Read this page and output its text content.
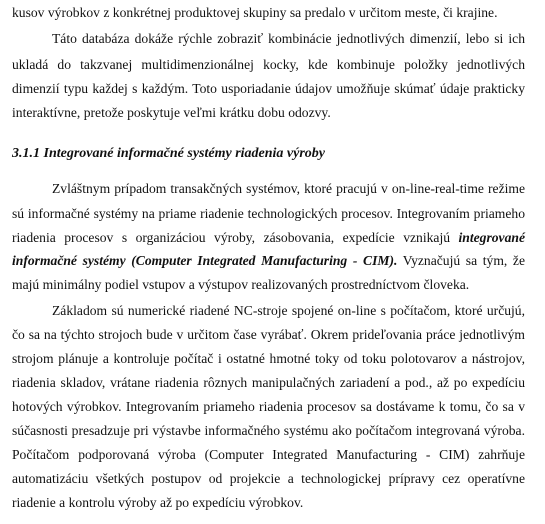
kusov výrobkov z konkrétnej produktovej skupiny sa predalo v určitom meste, či krajine.
Táto databáza dokáže rýchle zobraziť kombinácie jednotlivých dimenzií, lebo si ich
ukladá do takzvanej multidimenzionálnej kocky, kde kombinuje položky jednotlivých
dimenzií typu každej s každým. Toto usporiadanie údajov umožňuje skúmať údaje prakticky
interaktívne, pretože poskytuje veľmi krátku dobu odozvy.
3.1.1 Integrované informačné systémy riadenia výroby
Zvláštnym prípadom transakčných systémov, ktoré pracujú v on-line-real-time režime
sú informačné systémy na priame riadenie technologických procesov. Integrovaním priameho
riadenia procesov s organizáciou výroby, zásobovania, expedície vznikajú integrované
informačné systémy (Computer Integrated Manufacturing - CIM). Vyznačujú sa tým, že
majú minimálny podiel vstupov a výstupov realizovaných prostredníctvom človeka.
Základom sú numerické riadené NC-stroje spojené on-line s počítačom, ktoré určujú,
čo sa na týchto strojoch bude v určitom čase vyrábať. Okrem prideľovania práce jednotlivým
strojom plánuje a kontroluje počítač i ostatné hmotné toky od toku polotovarov a nástrojov,
riadenia skladov, vrátane riadenia rôznych manipulačných zariadení a pod., až po expedíciu
hotových výrobkov. Integrovaním priameho riadenia procesov sa dostávame k tomu, čo sa v
súčasnosti presadzuje pri výstavbe informačného systému ako počítačom integrovaná výroba.
Počítačom podporovaná výroba (Computer Integrated Manufacturing - CIM) zahrňuje
automatizáciu všetkých postupov od projekcie a technologickej prípravy cez operatívne
riadenie a kontrolu výroby až po expedíciu výrobkov.
